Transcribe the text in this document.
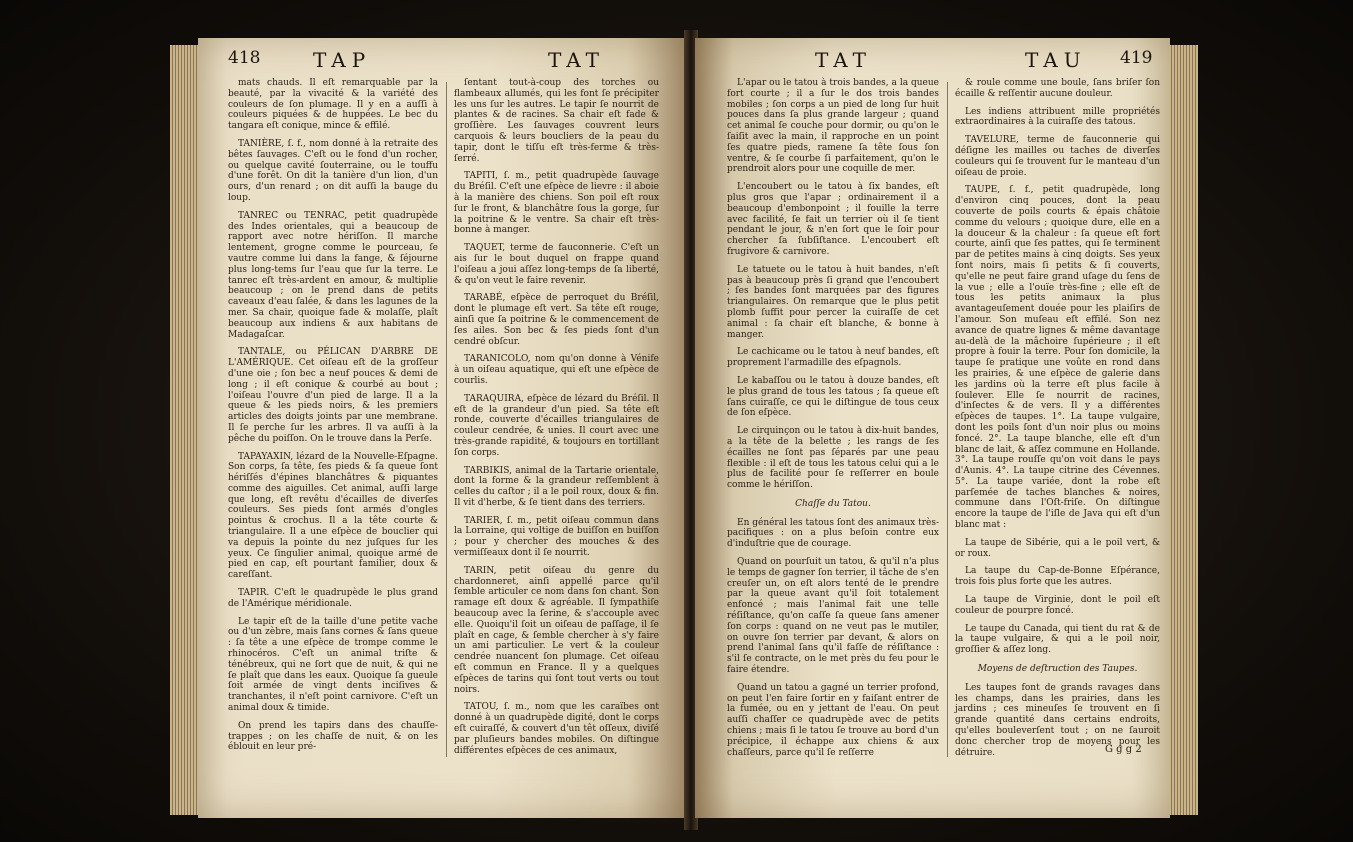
418	TAP	TAT

mats chauds. Il eſt remarquable par la beauté, par la vivacité & la variété des couleurs de ſon plumage. Il y en a auſſi à couleurs piquées & de huppées. Le bec du tangara eſt conique, mince & effilé.

TANIÈRE, ſ. f., nom donné à la retraite des bêtes ſauvages. C'eſt ou le fond d'un rocher, ou quelque cavité ſouterraine, ou le touffu d'une forêt. On dit la tanière d'un lion, d'un ours, d'un renard ; on dit auſſi la bauge du loup.

TANREC ou TENRAC, petit quadrupède des Indes orientales, qui a beaucoup de rapport avec notre hériſſon. Il marche lentement, grogne comme le pourceau, ſe vautre comme lui dans la fange, & ſéjourne plus long-tems ſur l'eau que ſur la terre. Le tanrec eſt très-ardent en amour, & multiplie beaucoup ; on le prend dans de petits caveaux d'eau ſalée, & dans les lagunes de la mer. Sa chair, quoique fade & molaſſe, plaît beaucoup aux indiens & aux habitans de Madagaſcar.

TANTALE, ou PÉLICAN D'ARBRE DE L'AMÉRIQUE. Cet oiſeau eſt de la groſſeur d'une oie ; ſon bec a neuf pouces & demi de long ; il eſt conique & courbé au bout ; l'oiſeau l'ouvre d'un pied de large. Il a la queue & les pieds noirs, & les premiers articles des doigts joints par une membrane. Il ſe perche ſur les arbres. Il va auſſi à la pêche du poiſſon. On le trouve dans la Perſe.

TAPAYAXIN, lézard de la Nouvelle-Eſpagne. Son corps, ſa tête, ſes pieds & ſa queue ſont hériſſés d'épines blanchâtres & piquantes comme des aiguilles. Cet animal, auſſi large que long, eſt revêtu d'écailles de diverſes couleurs. Ses pieds ſont armés d'ongles pointus & crochus. Il a la tête courte & triangulaire. Il a une eſpèce de bouclier qui va depuis la pointe du nez juſques ſur les yeux. Ce ſingulier animal, quoique armé de pied en cap, eſt pourtant familier, doux & careſſant.

TAPIR. C'eſt le quadrupède le plus grand de l'Amérique méridionale.

Le tapir eſt de la taille d'une petite vache ou d'un zèbre, mais ſans cornes & ſans queue : ſa tête a une eſpèce de trompe comme le rhinocéros. C'eſt un animal triſte & ténébreux, qui ne ſort que de nuit, & qui ne ſe plaît que dans les eaux. Quoique ſa gueule ſoit armée de vingt dents inciſives & tranchantes, il n'eſt point carnivore. C'eſt un animal doux & timide.

On prend les tapirs dans des chauſſe-trappes ; on les chaſſe de nuit, & on les éblouit en leur pré-

ſentant tout-à-coup des torches ou flambeaux allumés, qui les font ſe précipiter les uns ſur les autres. Le tapir ſe nourrit de plantes & de racines. Sa chair eſt fade & groſſière. Les ſauvages couvrent leurs carquois & leurs boucliers de la peau du tapir, dont le tiſſu eſt très-ferme & très-ſerré.

TAPITI, ſ. m., petit quadrupède ſauvage du Bréſil. C'eſt une eſpèce de lievre : il aboie à la manière des chiens. Son poil eſt roux ſur le front, & blanchâtre ſous la gorge, ſur la poitrine & le ventre. Sa chair eſt très-bonne à manger.

TAQUET, terme de fauconnerie. C'eſt un ais ſur le bout duquel on frappe quand l'oiſeau a joui aſſez long-temps de ſa liberté, & qu'on veut le faire revenir.

TARABÉ, eſpèce de perroquet du Bréſil, dont le plumage eſt vert. Sa tête eſt rouge, ainſi que ſa poitrine & le commencement de ſes ailes. Son bec & ſes pieds ſont d'un cendré obſcur.

TARANICOLO, nom qu'on donne à Vénife à un oiſeau aquatique, qui eſt une eſpèce de courlis.

TARAQUIRA, eſpèce de lézard du Bréſil. Il eſt de la grandeur d'un pied. Sa tête eſt ronde, couverte d'écailles triangulaires de couleur cendrée, & unies. Il court avec une très-grande rapidité, & toujours en tortillant ſon corps.

TARBIKIS, animal de la Tartarie orientale, dont la forme & la grandeur reſſemblent à celles du caſtor ; il a le poil roux, doux & fin. Il vit d'herbe, & ſe tient dans des terriers.

TARIER, ſ. m., petit oiſeau commun dans la Lorraine, qui voltige de buiſſon en buiſſon ; pour y chercher des mouches & des vermiſſeaux dont il ſe nourrit.

TARIN, petit oiſeau du genre du chardonneret, ainſi appellé parce qu'il ſemble articuler ce nom dans ſon chant. Son ramage eſt doux & agréable. Il ſympathiſe beaucoup avec la ſerine, & s'accouple avec elle. Quoiqu'il ſoit un oiſeau de paſſage, il ſe plaît en cage, & ſemble chercher à s'y faire un ami particulier. Le vert & la couleur cendrée nuancent ſon plumage. Cet oiſeau eſt commun en France. Il y a quelques eſpèces de tarins qui ſont tout verts ou tout noirs.

TATOU, ſ. m., nom que les caraïbes ont donné à un quadrupède digité, dont le corps eſt cuiraſſé, & couvert d'un têt oſſeux, diviſé par pluſieurs bandes mobiles. On diſtingue différentes eſpèces de ces animaux,

TAT	TAU 419

L'apar ou le tatou à trois bandes, a la queue fort courte ; il a ſur le dos trois bandes mobiles ; ſon corps a un pied de long ſur huit pouces dans ſa plus grande largeur ; quand cet animal ſe couche pour dormir, ou qu'on le ſaiſit avec la main, il rapproche en un point ſes quatre pieds, ramene ſa tête ſous ſon ventre, & ſe courbe ſi parfaitement, qu'on le prendroit alors pour une coquille de mer.

L'encoubert ou le tatou à ſix bandes, eſt plus gros que l'apar ; ordinairement il a beaucoup d'embonpoint ; il fouille la terre avec facilité, ſe fait un terrier où il ſe tient pendant le jour, & n'en ſort que le ſoir pour chercher ſa ſubſiſtance. L'encoubert eſt frugivore & carnivore.

Le tatuete ou le tatou à huit bandes, n'eſt pas à beaucoup près ſi grand que l'encoubert ; ſes bandes ſont marquées par des figures triangulaires. On remarque que le plus petit plomb ſuffit pour percer la cuiraſſe de cet animal : ſa chair eſt blanche, & bonne à manger.

Le cachicame ou le tatou à neuf bandes, eſt proprement l'armadille des eſpagnols.

Le kabaſſou ou le tatou à douze bandes, eſt le plus grand de tous les tatous ; ſa queue eſt ſans cuiraſſe, ce qui le diſtingue de tous ceux de ſon eſpèce.

Le cirquinçon ou le tatou à dix-huit bandes, a la tête de la belette ; les rangs de ſes écailles ne ſont pas ſéparés par une peau flexible : il eſt de tous les tatous celui qui a le plus de facilité pour ſe reſſerrer en boule comme le hériſſon.

Chaſſe du Tatou.

En général les tatous ſont des animaux très-pacifiques : on a plus beſoin contre eux d'induſtrie que de courage.

Quand on pourſuit un tatou, & qu'il n'a plus le temps de gagner ſon terrier, il tâche de s'en creuſer un, on eſt alors tenté de le prendre par la queue avant qu'il ſoit totalement enfoncé ; mais l'animal fait une telle réſiſtance, qu'on caſſe ſa queue ſans amener ſon corps : quand on ne veut pas le mutiler, on ouvre ſon terrier par devant, & alors on prend l'animal ſans qu'il faſſe de réſiſtance : s'il ſe contracte, on le met près du feu pour le faire étendre.

Quand un tatou a gagné un terrier profond, on peut l'en faire ſortir en y faiſant entrer de la fumée, ou en y jettant de l'eau. On peut auſſi chaſſer ce quadrupède avec de petits chiens ; mais ſi le tatou ſe trouve au bord d'un précipice, il échappe aux chiens & aux chaſſeurs, parce qu'il ſe reſſerre

& roule comme une boule, ſans briſer ſon écaille & reſſentir aucune douleur.

Les indiens attribuent mille propriétés extraordinaires à la cuiraſſe des tatous.

TAVELURE, terme de fauconnerie qui déſigne les mailles ou taches de diverſes couleurs qui ſe trouvent ſur le manteau d'un oiſeau de proie.

TAUPE, ſ. f., petit quadrupède, long d'environ cinq pouces, dont la peau couverte de poils courts & épais châtoie comme du velours ; quoique dure, elle en a la douceur & la chaleur : ſa queue eſt fort courte, ainſi que ſes pattes, qui ſe terminent par de petites mains à cinq doigts. Ses yeux ſont noirs, mais ſi petits & ſi couverts, qu'elle ne peut faire grand uſage du ſens de la vue ; elle a l'ouïe très-fine ; elle eſt de tous les petits animaux la plus avantageuſement douée pour les plaiſirs de l'amour. Son muſeau eſt effilé. Son nez avance de quatre lignes & même davantage au-delà de la mâchoire ſupérieure ; il eſt propre à fouir la terre. Pour ſon domicile, la taupe ſe pratique une voûte en rond dans les prairies, & une eſpèce de galerie dans les jardins où la terre eſt plus facile à ſoulever. Elle ſe nourrit de racines, d'inſectes & de vers. Il y a différentes eſpèces de taupes. 1°. La taupe vulgaire, dont les poils ſont d'un noir plus ou moins foncé. 2°. La taupe blanche, elle eſt d'un blanc de lait, & aſſez commune en Hollande. 3°. La taupe rouſſe qu'on voit dans le pays d'Aunis. 4°. La taupe citrine des Cévennes. 5°. La taupe variée, dont la robe eſt parſemée de taches blanches & noires, commune dans l'Oſt-friſe. On diſtingue encore la taupe de l'iſle de Java qui eſt d'un blanc mat :

La taupe de Sibérie, qui a le poil vert, & or roux.

La taupe du Cap-de-Bonne Eſpérance, trois fois plus forte que les autres.

La taupe de Virginie, dont le poil eſt couleur de pourpre foncé.

Le taupe du Canada, qui tient du rat & de la taupe vulgaire, & qui a le poil noir, groſſier & aſſez long.

Moyens de deſtruction des Taupes.

Les taupes font de grands ravages dans les champs, dans les prairies, dans les jardins ; ces mineuſes ſe trouvent en ſi grande quantité dans certains endroits, qu'elles bouleverſent tout ; on ne ſauroit donc chercher trop de moyens pour les détruire.	G g g 2
